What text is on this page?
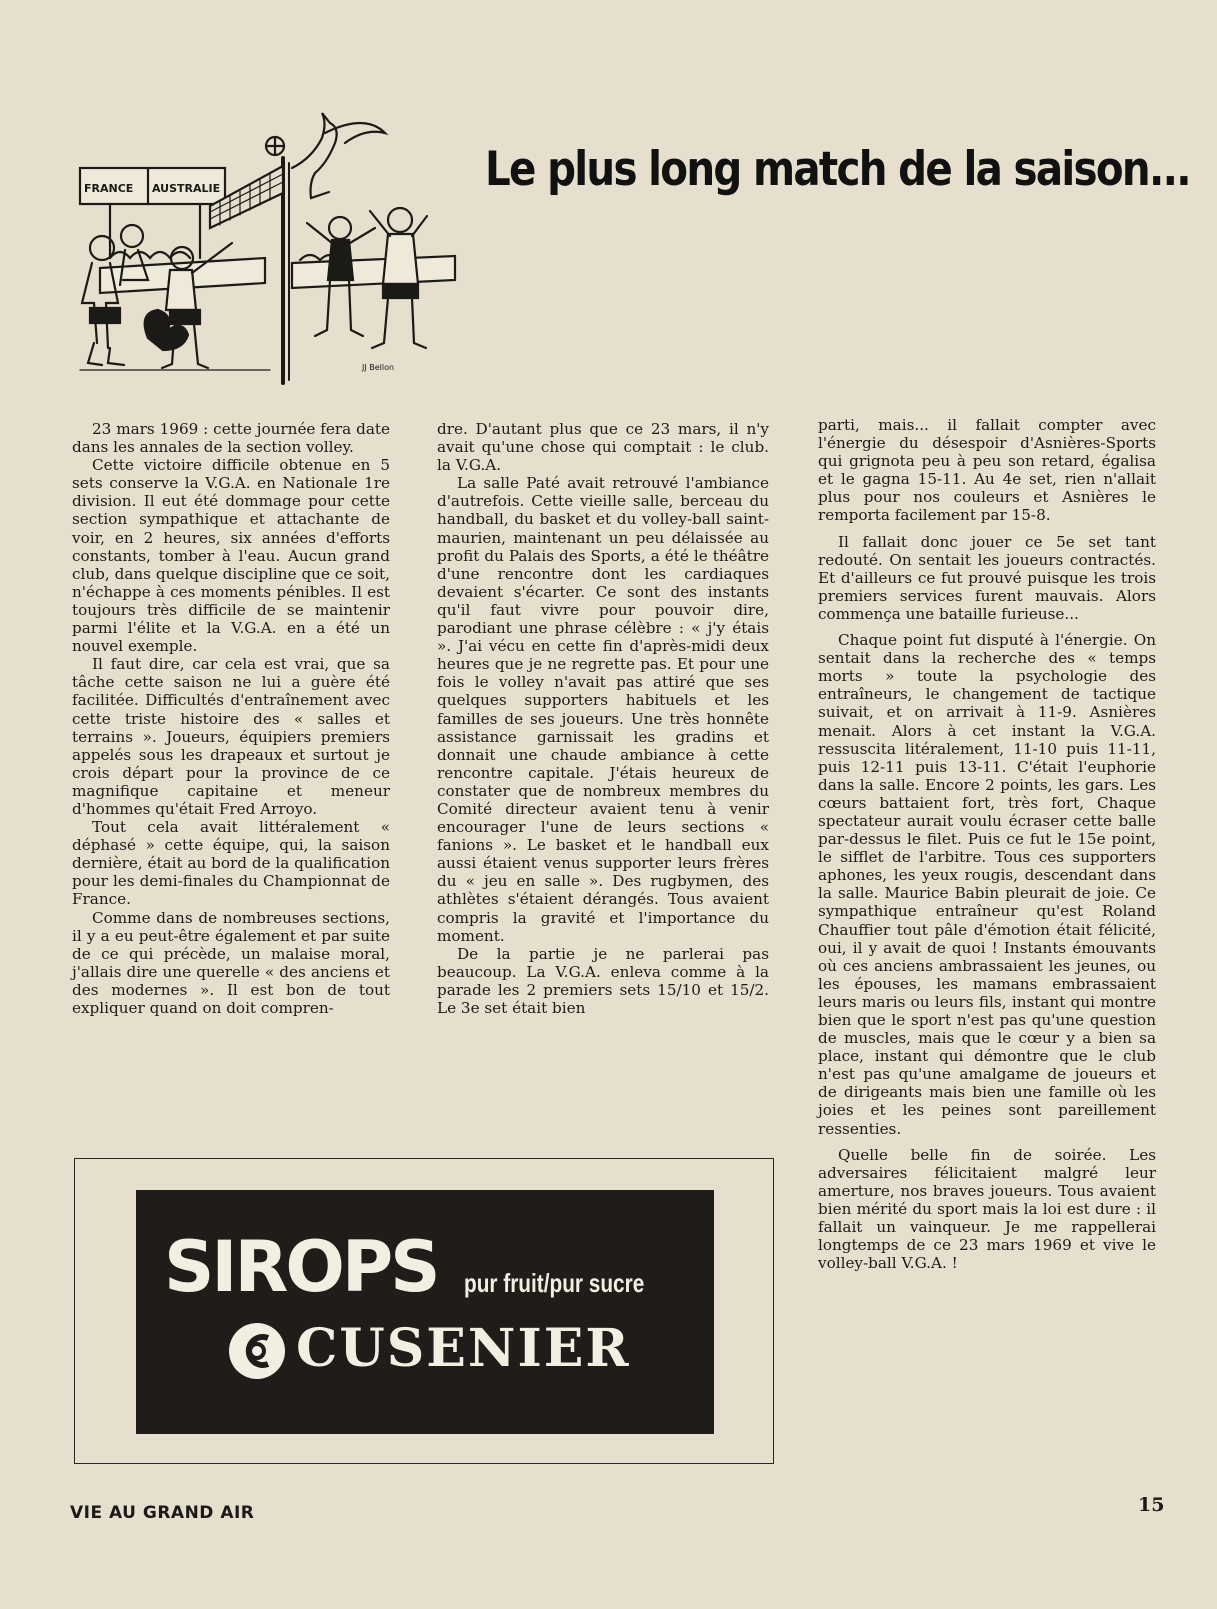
FRANCE AUSTRALIE
JJ Bellon
Le plus long match de la saison...

23 mars 1969 : cette journée fera date dans les annales de la section volley.

Cette victoire difficile obtenue en 5 sets conserve la V.G.A. en Nationale 1re division. Il eut été dommage pour cette section sympathique et attachante de voir, en 2 heures, six années d'efforts constants, tomber à l'eau. Aucun grand club, dans quelque discipline que ce soit, n'échappe à ces moments pénibles. Il est toujours très difficile de se maintenir parmi l'élite et la V.G.A. en a été un nouvel exemple.

Il faut dire, car cela est vrai, que sa tâche cette saison ne lui a guère été facilitée. Difficultés d'entraînement avec cette triste histoire des « salles et terrains ». Joueurs, équipiers premiers appelés sous les drapeaux et surtout je crois départ pour la province de ce magnifique capitaine et meneur d'hommes qu'était Fred Arroyo.

Tout cela avait littéralement « déphasé » cette équipe, qui, la saison dernière, était au bord de la qualification pour les demi-finales du Championnat de France.

Comme dans de nombreuses sections, il y a eu peut-être également et par suite de ce qui précède, un malaise moral, j'allais dire une querelle « des anciens et des modernes ». Il est bon de tout expliquer quand on doit compren-

dre. D'autant plus que ce 23 mars, il n'y avait qu'une chose qui comptait : le club. la V.G.A.

La salle Paté avait retrouvé l'ambiance d'autrefois. Cette vieille salle, berceau du handball, du basket et du volley-ball saint-maurien, maintenant un peu délaissée au profit du Palais des Sports, a été le théâtre d'une rencontre dont les cardiaques devaient s'écarter. Ce sont des instants qu'il faut vivre pour pouvoir dire, parodiant une phrase célèbre : « j'y étais ». J'ai vécu en cette fin d'après-midi deux heures que je ne regrette pas. Et pour une fois le volley n'avait pas attiré que ses quelques supporters habituels et les familles de ses joueurs. Une très honnête assistance garnissait les gradins et donnait une chaude ambiance à cette rencontre capitale. J'étais heureux de constater que de nombreux membres du Comité directeur avaient tenu à venir encourager l'une de leurs sections « fanions ». Le basket et le handball eux aussi étaient venus supporter leurs frères du « jeu en salle ». Des rugbymen, des athlètes s'étaient dérangés. Tous avaient compris la gravité et l'importance du moment.

De la partie je ne parlerai pas beaucoup. La V.G.A. enleva comme à la parade les 2 premiers sets 15/10 et 15/2. Le 3e set était bien

parti, mais... il fallait compter avec l'énergie du désespoir d'Asnières-Sports qui grignota peu à peu son retard, égalisa et le gagna 15-11. Au 4e set, rien n'allait plus pour nos couleurs et Asnières le remporta facilement par 15-8.

Il fallait donc jouer ce 5e set tant redouté. On sentait les joueurs contractés. Et d'ailleurs ce fut prouvé puisque les trois premiers services furent mauvais. Alors commença une bataille furieuse...

Chaque point fut disputé à l'énergie. On sentait dans la recherche des « temps morts » toute la psychologie des entraîneurs, le changement de tactique suivait, et on arrivait à 11-9. Asnières menait. Alors à cet instant la V.G.A. ressuscita litéralement, 11-10 puis 11-11, puis 12-11 puis 13-11. C'était l'euphorie dans la salle. Encore 2 points, les gars. Les cœurs battaient fort, très fort, Chaque spectateur aurait voulu écraser cette balle par-dessus le filet. Puis ce fut le 15e point, le sifflet de l'arbitre. Tous ces supporters aphones, les yeux rougis, descendant dans la salle. Maurice Babin pleurait de joie. Ce sympathique entraîneur qu'est Roland Chauffier tout pâle d'émotion était félicité, oui, il y avait de quoi ! Instants émouvants où ces anciens ambrassaient les jeunes, ou les épouses, les mamans embrassaient leurs maris ou leurs fils, instant qui montre bien que le sport n'est pas qu'une question de muscles, mais que le cœur y a bien sa place, instant qui démontre que le club n'est pas qu'une amalgame de joueurs et de dirigeants mais bien une famille où les joies et les peines sont pareillement ressenties.

Quelle belle fin de soirée. Les adversaires félicitaient malgré leur amerture, nos braves joueurs. Tous avaient bien mérité du sport mais la loi est dure : il fallait un vainqueur. Je me rappellerai longtemps de ce 23 mars 1969 et vive le volley-ball V.G.A. !

SIROPS pur fruit/pur sucre
CUSENIER
VIE AU GRAND AIR	15
